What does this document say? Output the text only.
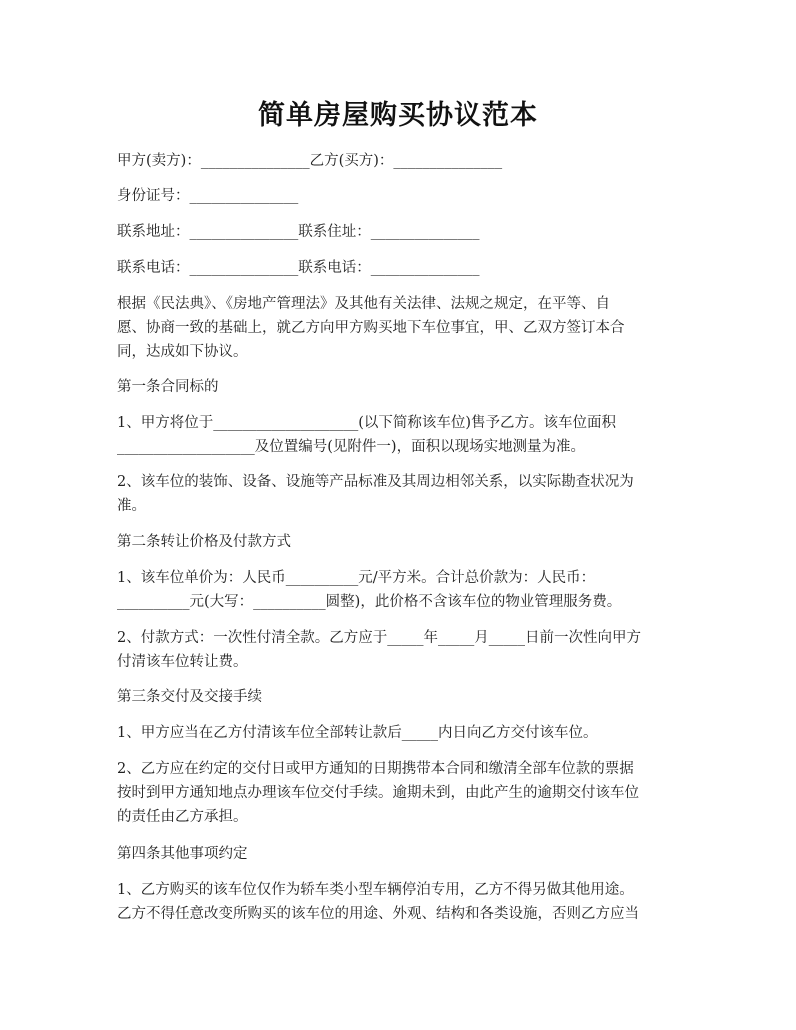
简单房屋购买协议范本
甲方(卖方)：_______________乙方(买方)：_______________
身份证号：_______________
联系地址：_______________联系住址：_______________
联系电话：_______________联系电话：_______________
根据《民法典》、《房地产管理法》及其他有关法律、法规之规定，在平等、自
愿、协商一致的基础上，就乙方向甲方购买地下车位事宜，甲、乙双方签订本合
同，达成如下协议。
第一条合同标的
1、甲方将位于____________________(以下简称该车位)售予乙方。该车位面积
___________________及位置编号(见附件一)，面积以现场实地测量为准。
2、该车位的装饰、设备、设施等产品标准及其周边相邻关系，以实际勘查状况为
准。
第二条转让价格及付款方式
1、该车位单价为：人民币__________元/平方米。合计总价款为：人民币：
__________元(大写：__________圆整)，此价格不含该车位的物业管理服务费。
2、付款方式：一次性付清全款。乙方应于_____年_____月_____日前一次性向甲方
付清该车位转让费。
第三条交付及交接手续
1、甲方应当在乙方付清该车位全部转让款后_____内日向乙方交付该车位。
2、乙方应在约定的交付日或甲方通知的日期携带本合同和缴清全部车位款的票据
按时到甲方通知地点办理该车位交付手续。逾期未到，由此产生的逾期交付该车位
的责任由乙方承担。
第四条其他事项约定
1、乙方购买的该车位仅作为轿车类小型车辆停泊专用，乙方不得另做其他用途。
乙方不得任意改变所购买的该车位的用途、外观、结构和各类设施，否则乙方应当
